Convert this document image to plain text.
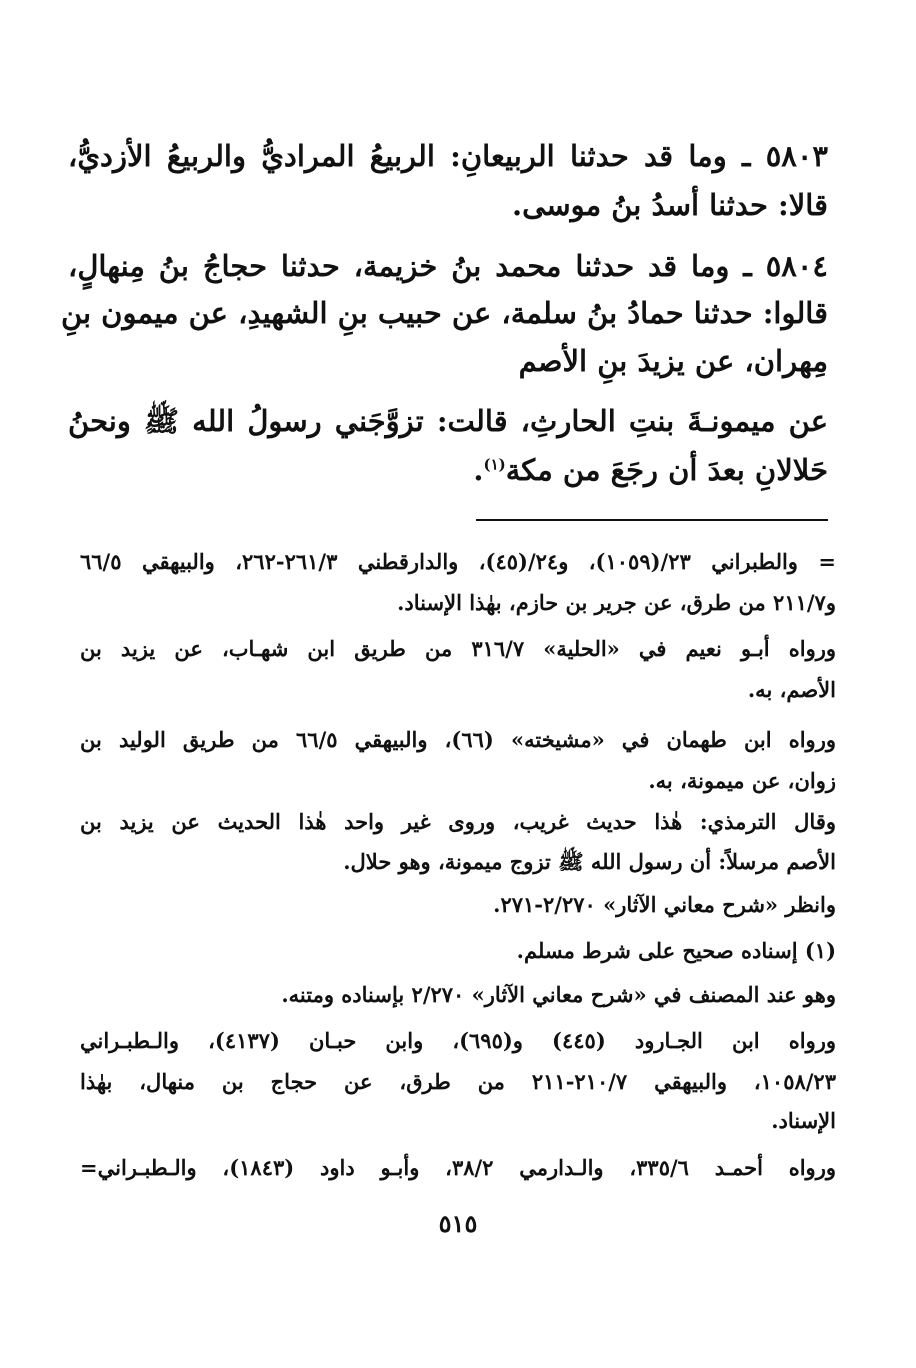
٥٨٠٣ ـ وما قد حدثنا الربيعانِ: الربيعُ المراديُّ والربيعُ الأزديُّ،
قالا: حدثنا أسدُ بنُ موسى.
٥٨٠٤ ـ وما قد حدثنا محمد بنُ خزيمة، حدثنا حجاجُ بنُ مِنهالٍ،
قالوا: حدثنا حمادُ بنُ سلمة، عن حبيب بنِ الشهيدِ، عن ميمون بنِ
مِهران، عن يزيدَ بنِ الأصم
عن ميمونـةَ بنتِ الحارثِ، قالت: تزوَّجَني رسولُ الله ﷺ ونحنُ
حَلالانِ بعدَ أن رجَعَ من مكة$^{(١)}$.
= والطبراني ٢٣/(١٠٥٩)، و٢٤/(٤٥)، والدارقطني ٢٦١/٣-٢٦٢، والبيهقي ٦٦/٥
و٢١١/٧ من طرق، عن جرير بن حازم، بهٰذا الإسناد.
ورواه أبـو نعيم في «الحلية» ٣١٦/٧ من طريق ابن شهـاب، عن يزيد بن
الأصم، به.
ورواه ابن طهمان في «مشيخته» (٦٦)، والبيهقي ٦٦/٥ من طريق الوليد بن
زوان، عن ميمونة، به.
وقال الترمذي: هٰذا حديث غريب، وروى غير واحد هٰذا الحديث عن يزيد بن
الأصم مرسلاً: أن رسول الله ﷺ تزوج ميمونة، وهو حلال.
وانظر «شرح معاني الآثار» ٢/٢٧٠-٢٧١.
(١) إسناده صحيح على شرط مسلم.
وهو عند المصنف في «شرح معاني الآثار» ٢/٢٧٠ بإسناده ومتنه.
ورواه ابن الجـارود (٤٤٥) و(٦٩٥)، وابن حبـان (٤١٣٧)، والـطبـراني
١٠٥٨/٢٣، والبيهقي ٢١٠/٧-٢١١ من طرق، عن حجاج بن منهال، بهٰذا
الإسناد.
ورواه أحمـد ٣٣٥/٦، والـدارمي ٣٨/٢، وأبـو داود (١٨٤٣)، والـطبـراني=
٥١٥
